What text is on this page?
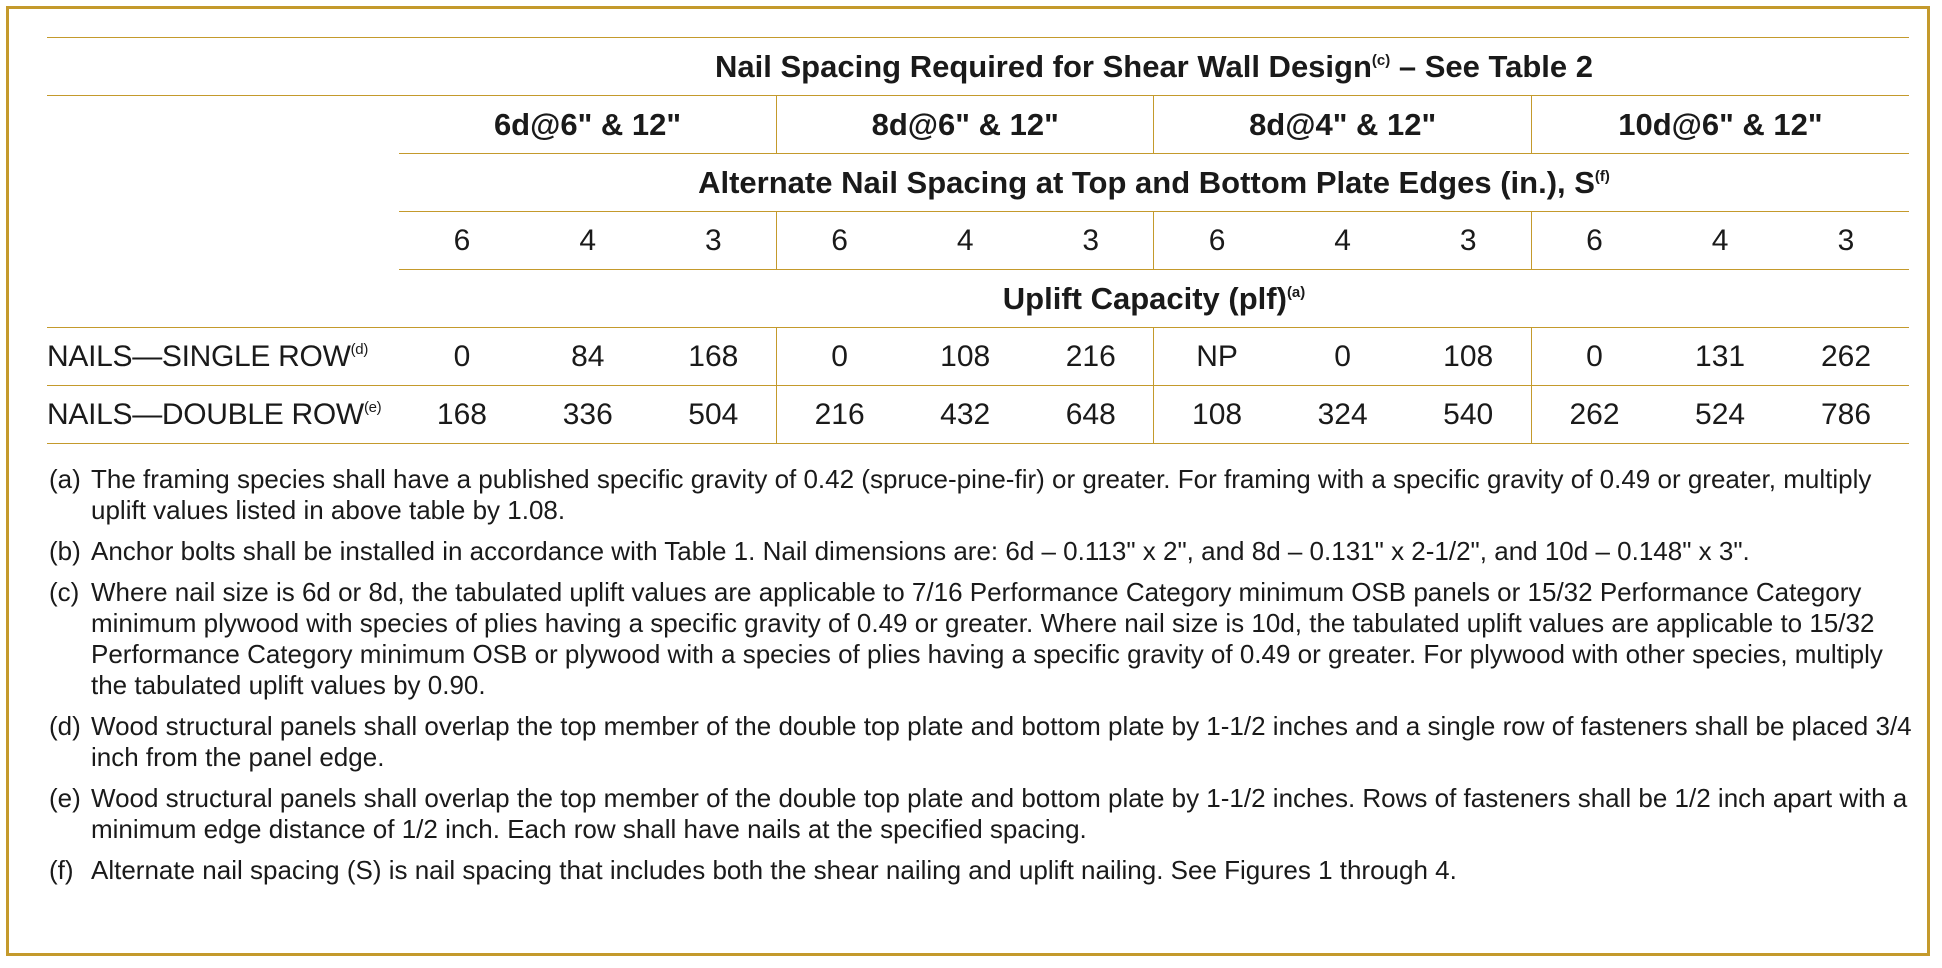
	Nail Spacing Required for Shear Wall Design$^{(c)}$ – See Table 2											
	6d@6" & 12"			8d@6" & 12"			8d@4" & 12"			10d@6" & 12"		
	Alternate Nail Spacing at Top and Bottom Plate Edges (in.), $S^{(f)}$
	6	4	3	6	4	3	6	4	3	6	4	3
	Uplift Capacity (plf)$^{(a)}$
NAILS—SINGLE ROW$^{(d)}$	0	84	168	0	108	216	NP	0	108	0	131	262
NAILS—DOUBLE ROW$^{(e)}$	168	336	504	216	432	648	108	324	540	262	524	786
(a) The framing species shall have a published specific gravity of 0.42 (spruce-pine-fir) or greater. For framing with a specific gravity of 0.49 or greater, multiply uplift values listed in above table by 1.08.
(b) Anchor bolts shall be installed in accordance with Table 1. Nail dimensions are: 6d – 0.113" x 2", and 8d – 0.131" x 2-1/2", and 10d – 0.148" x 3".
(c) Where nail size is 6d or 8d, the tabulated uplift values are applicable to 7/16 Performance Category minimum OSB panels or 15/32 Performance Category minimum plywood with species of plies having a specific gravity of 0.49 or greater. Where nail size is 10d, the tabulated uplift values are applicable to 15/32 Performance Category minimum OSB or plywood with a species of plies having a specific gravity of 0.49 or greater. For plywood with other species, multiply the tabulated uplift values by 0.90.
(d) Wood structural panels shall overlap the top member of the double top plate and bottom plate by 1-1/2 inches and a single row of fasteners shall be placed 3/4 inch from the panel edge.
(e) Wood structural panels shall overlap the top member of the double top plate and bottom plate by 1-1/2 inches. Rows of fasteners shall be 1/2 inch apart with a minimum edge distance of 1/2 inch. Each row shall have nails at the specified spacing.
(f) Alternate nail spacing (S) is nail spacing that includes both the shear nailing and uplift nailing. See Figures 1 through 4.
